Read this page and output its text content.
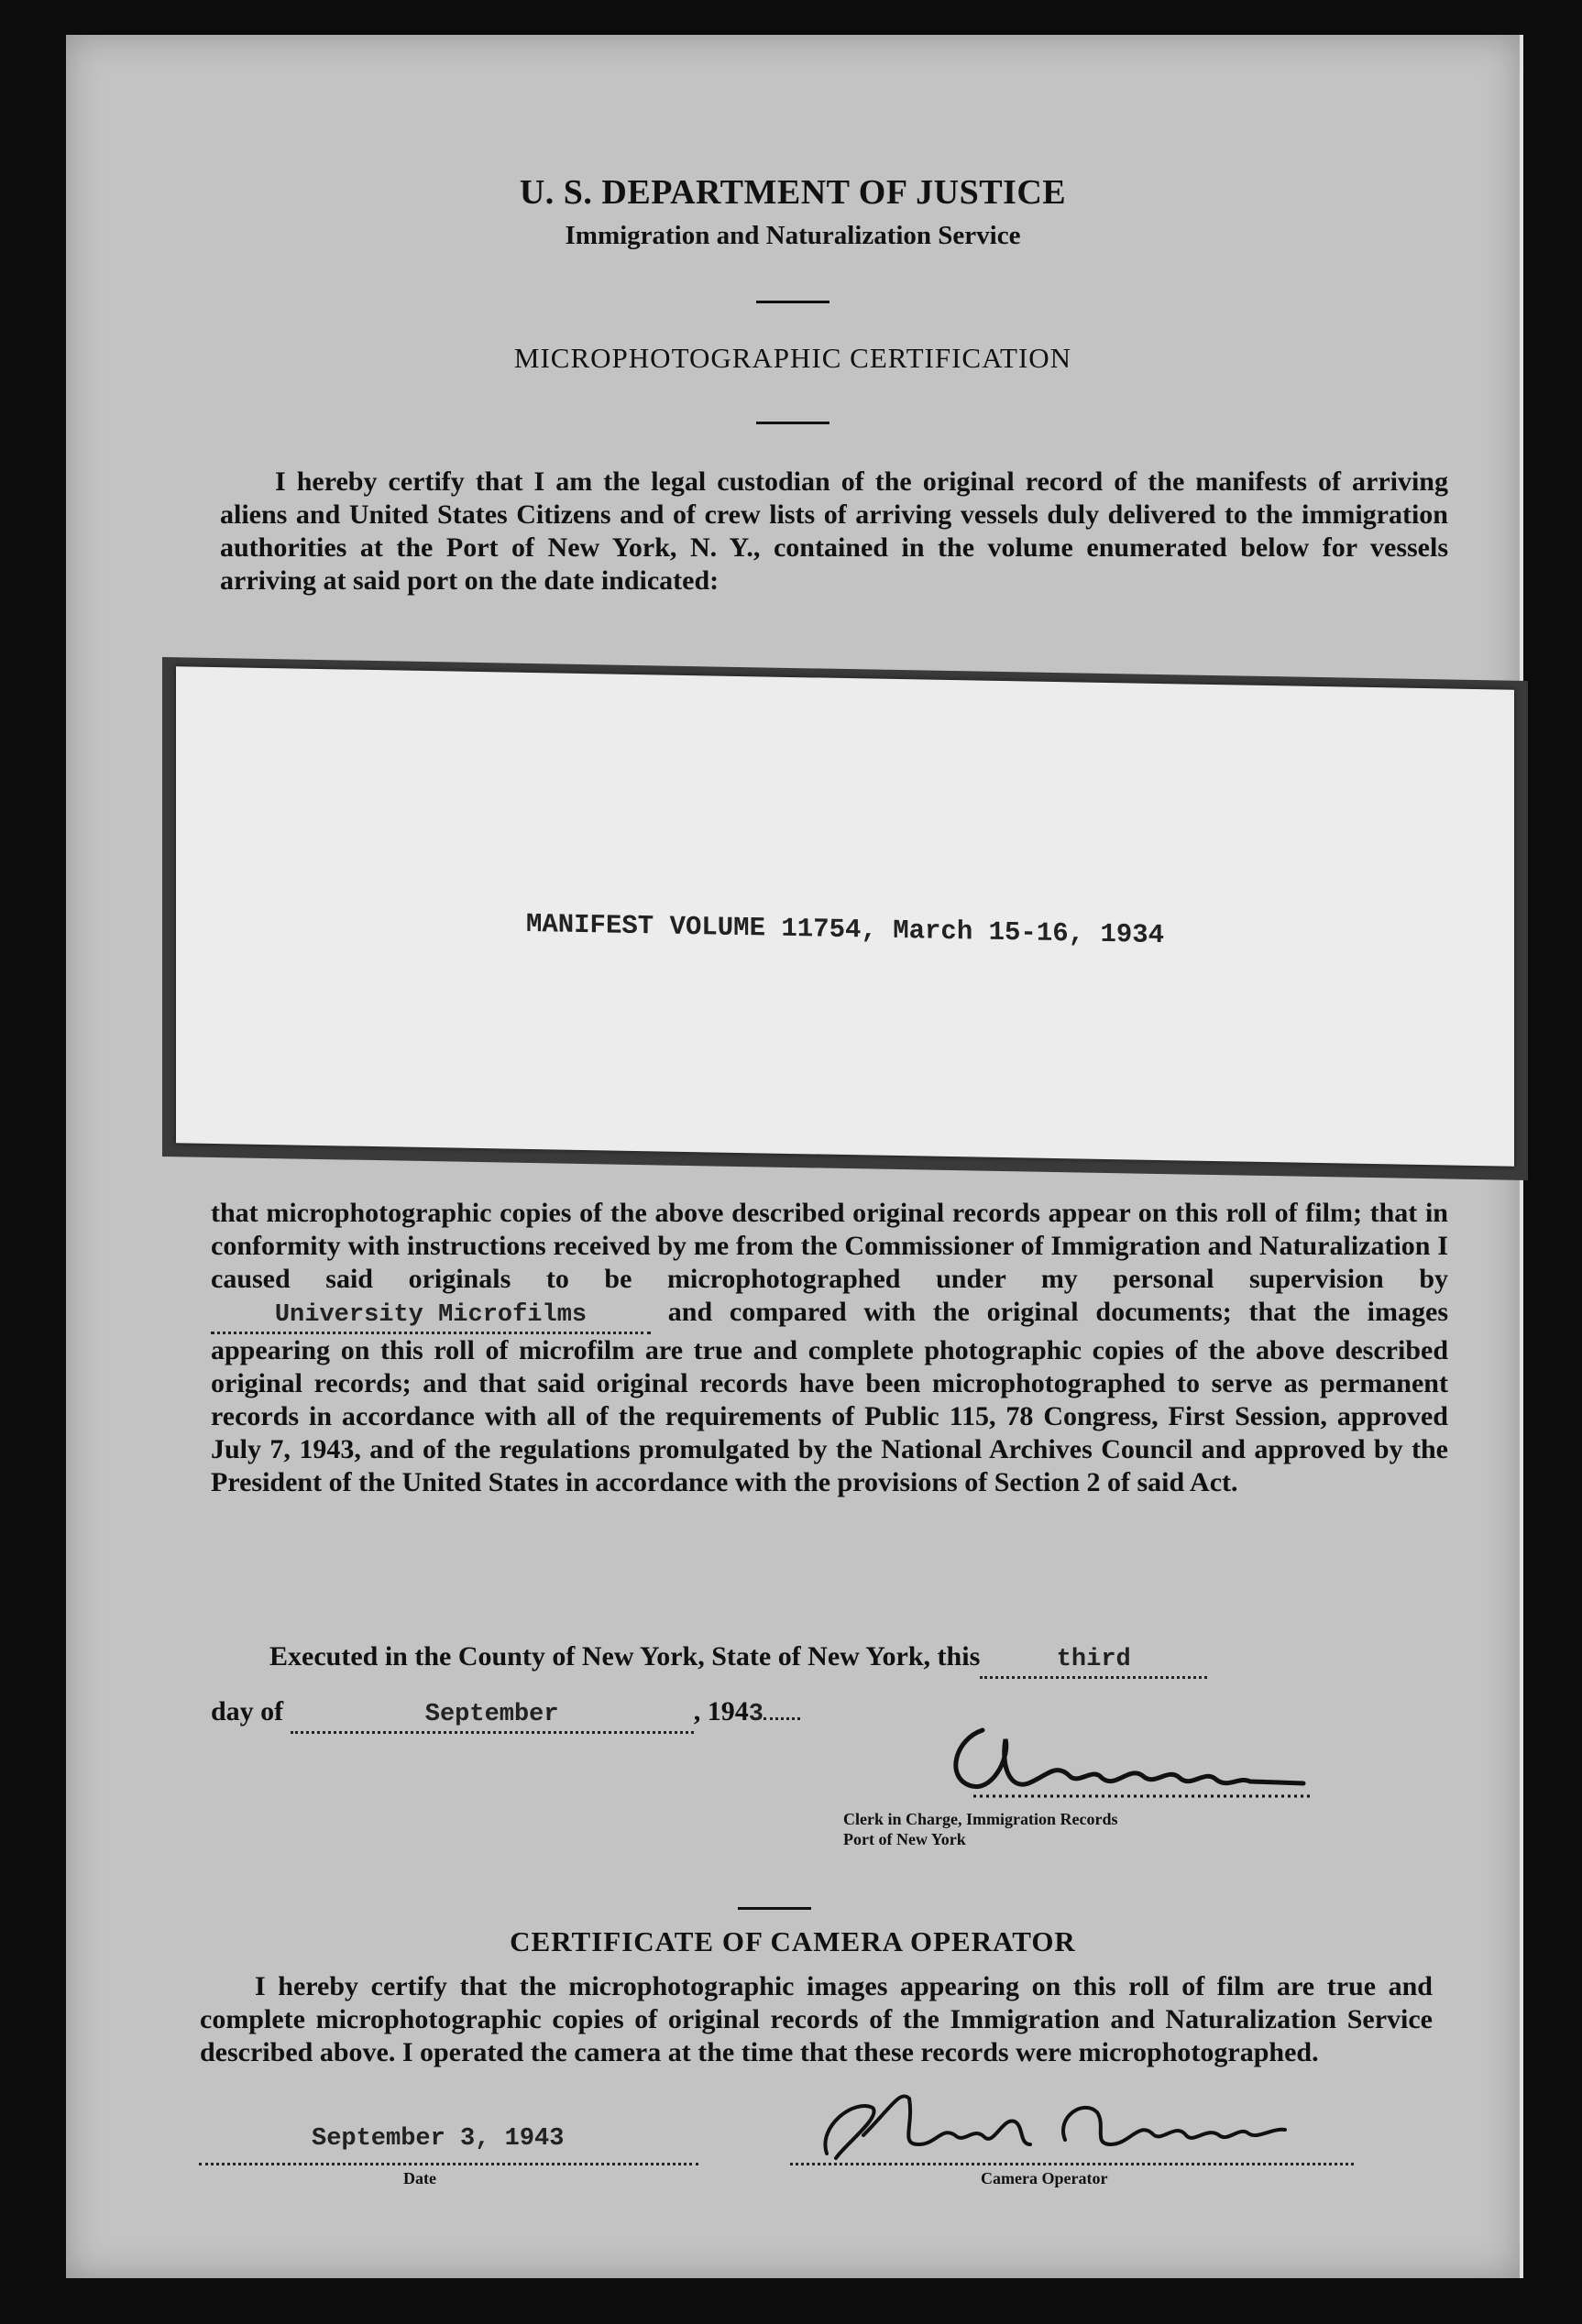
U. S. DEPARTMENT OF JUSTICE
Immigration and Naturalization Service
MICROPHOTOGRAPHIC CERTIFICATION
I hereby certify that I am the legal custodian of the original record of the manifests of arriving aliens and United States Citizens and of crew lists of arriving vessels duly delivered to the immigration authorities at the Port of New York, N. Y., contained in the volume enumerated below for vessels arriving at said port on the date indicated:
MANIFEST VOLUME 11754, March 15-16, 1934
that microphotographic copies of the above described original records appear on this roll of film; that in conformity with instructions received by me from the Commissioner of Immigration and Naturalization I caused said originals to be microphotographed under my personal supervision by University Microfilms	and compared with the original documents; that the images appearing on this roll of microfilm are true and complete photographic copies of the above described original records; and that said original records have been microphotographed to serve as permanent records in accordance with all of the requirements of Public 115, 78 Congress, First Session, approved July 7, 1943, and of the regulations promulgated by the National Archives Council and approved by the President of the United States in accordance with the provisions of Section 2 of said Act.
Executed in the County of New York, State of New York, this	third
day of	September	, 1943
Clerk in Charge, Immigration Records
Port of New York
CERTIFICATE OF CAMERA OPERATOR
I hereby certify that the microphotographic images appearing on this roll of film are true and complete microphotographic copies of original records of the Immigration and Naturalization Service described above. I operated the camera at the time that these records were microphotographed.
September 3, 1943
Date	Camera Operator
